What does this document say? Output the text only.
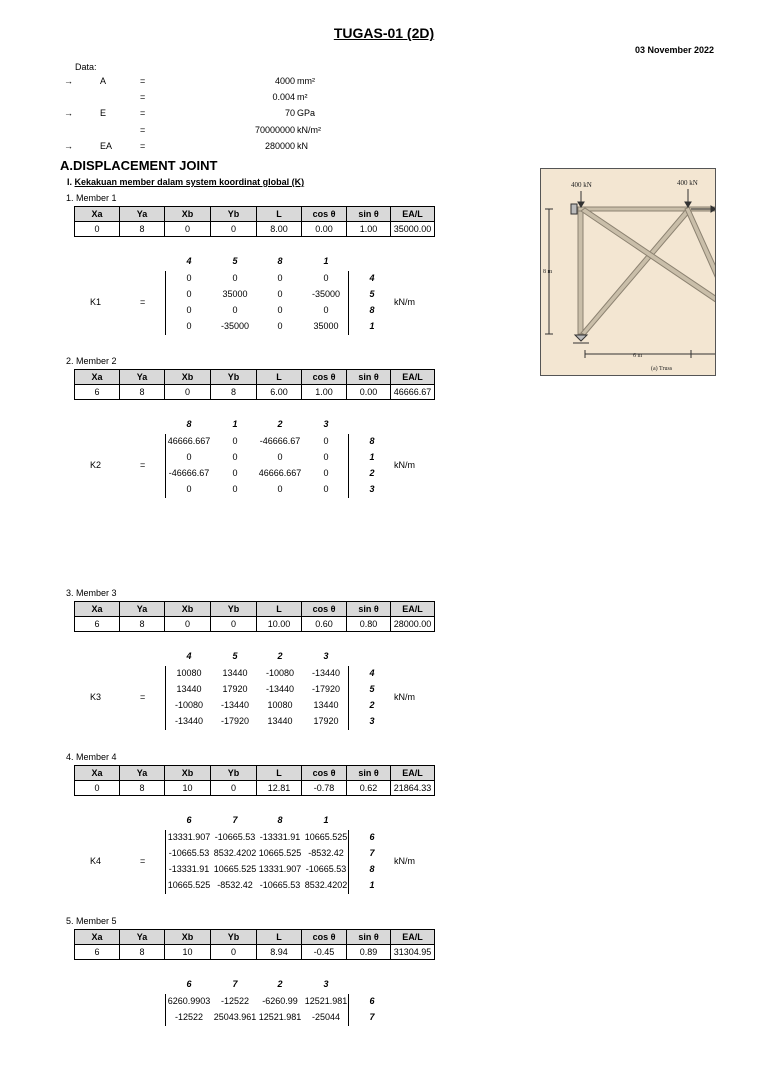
TUGAS-01 (2D)
03 November 2022
Data:
→	A	=	4000 mm²
=	0.004 m²
→	E	=	70 GPa
=	70000000 kN/m²
→	EA	=	280000 kN
A.DISPLACEMENT JOINT
I. Kekakuan member dalam system koordinat global (K)
1. Member 1
Xa	Ya	Xb	Yb	L	cos θ	sin θ	EA/L
0	8	0	0	8.00	0.00	1.00	35000.00
4	5	8	1
0	0	0	0	4
0	35000	0	-35000	5
0	0	0	0	8
0	-35000	0	35000	1
K1	=	kN/m
2. Member 2
Xa	Ya	Xb	Yb	L	cos θ	sin θ	EA/L
6	8	0	8	6.00	1.00	0.00	46666.67
8	1	2	3
46666.667	0	-46666.67	0	8
0	0	0	0	1
-46666.67	0	46666.667	0	2
0	0	0	0	3
K2	=	kN/m
3. Member 3
Xa	Ya	Xb	Yb	L	cos θ	sin θ	EA/L
6	8	0	0	10.00	0.60	0.80	28000.00
4	5	2	3
10080	13440	-10080	-13440	4
13440	17920	-13440	-17920	5
-10080	-13440	10080	13440	2
-13440	-17920	13440	17920	3
K3	=	kN/m
4. Member 4
Xa	Ya	Xb	Yb	L	cos θ	sin θ	EA/L
0	8	10	0	12.81	-0.78	0.62	21864.33
6	7	8	1
13331.907 -10665.53 -13331.91 10665.525	6
-10665.53 8532.4202 10665.525 -8532.42	7
-13331.91 10665.525 13331.907 -10665.53	8
10665.525 -8532.42 -10665.53 8532.4202	1
K4	=	kN/m
5. Member 5
Xa	Ya	Xb	Yb	L	cos θ	sin θ	EA/L
6	8	10	0	8.94	-0.45	0.89	31304.95
6	7	2	3
6260.9903	-12522	-6260.99 12521.981	6
-12522	25043.961 12521.981	-25044	7
400 kN	400 kN
8 m
6 m
(a) Truss
